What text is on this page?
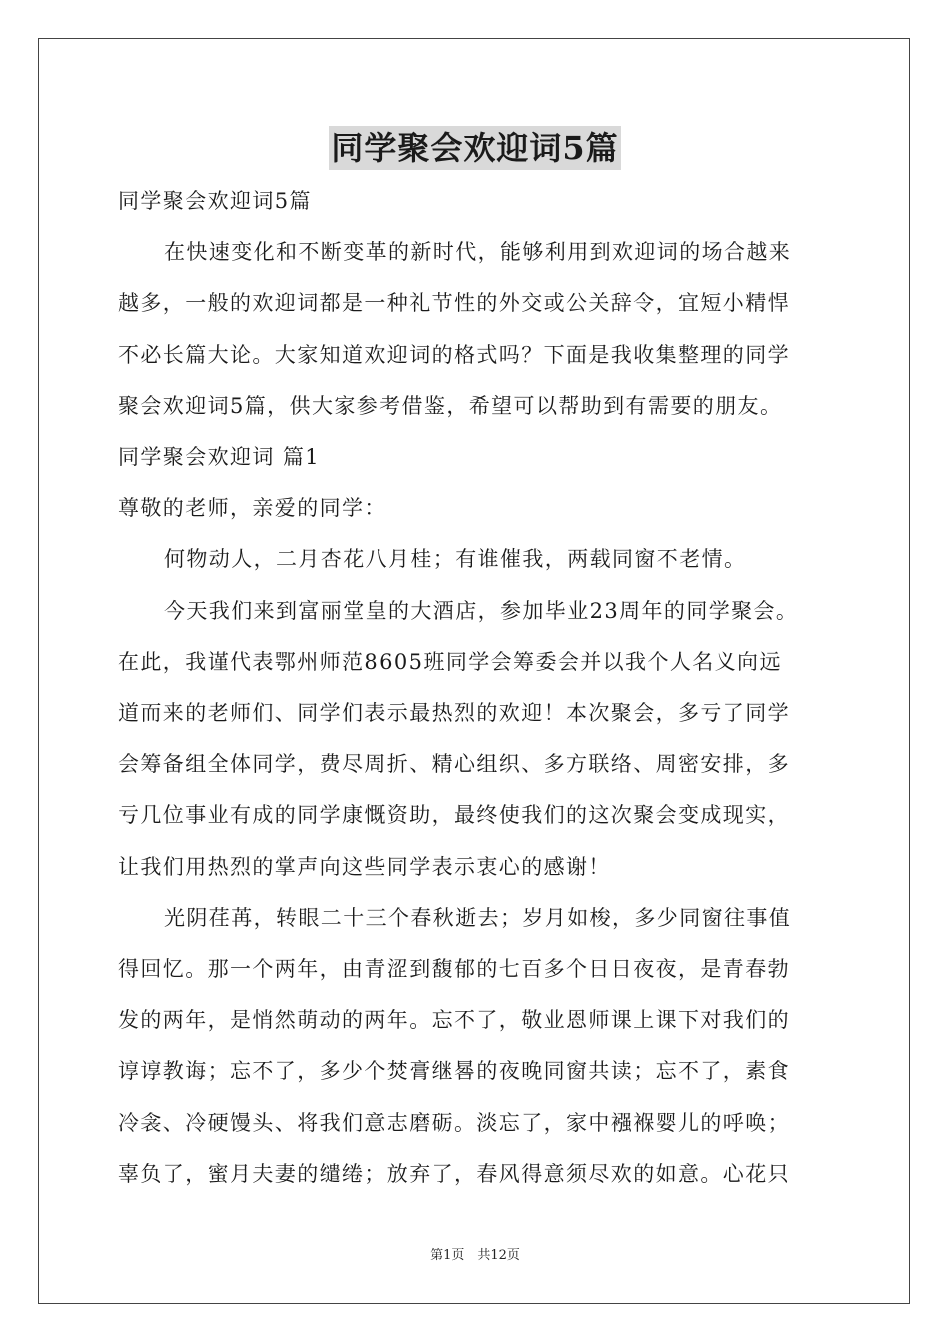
同学聚会欢迎词5篇
同学聚会欢迎词5篇
在快速变化和不断变革的新时代，能够利用到欢迎词的场合越来
越多，一般的欢迎词都是一种礼节性的外交或公关辞令，宜短小精悍
不必长篇大论。大家知道欢迎词的格式吗？下面是我收集整理的同学
聚会欢迎词5篇，供大家参考借鉴，希望可以帮助到有需要的朋友。
同学聚会欢迎词 篇1
尊敬的老师，亲爱的同学：
何物动人，二月杏花八月桂；有谁催我，两载同窗不老情。
今天我们来到富丽堂皇的大酒店，参加毕业23周年的同学聚会。
在此，我谨代表鄂州师范8605班同学会筹委会并以我个人名义向远
道而来的老师们、同学们表示最热烈的欢迎！本次聚会，多亏了同学
会筹备组全体同学，费尽周折、精心组织、多方联络、周密安排，多
亏几位事业有成的同学康慨资助，最终使我们的这次聚会变成现实，
让我们用热烈的掌声向这些同学表示衷心的感谢！
光阴荏苒，转眼二十三个春秋逝去；岁月如梭，多少同窗往事值
得回忆。那一个两年，由青涩到馥郁的七百多个日日夜夜，是青春勃
发的两年，是悄然萌动的两年。忘不了，敬业恩师课上课下对我们的
谆谆教诲；忘不了，多少个焚膏继晷的夜晚同窗共读；忘不了，素食
冷衾、冷硬馒头、将我们意志磨砺。淡忘了，家中襁褓婴儿的呼唤；
辜负了，蜜月夫妻的缱绻；放弃了，春风得意须尽欢的如意。心花只
第1页　共12页
